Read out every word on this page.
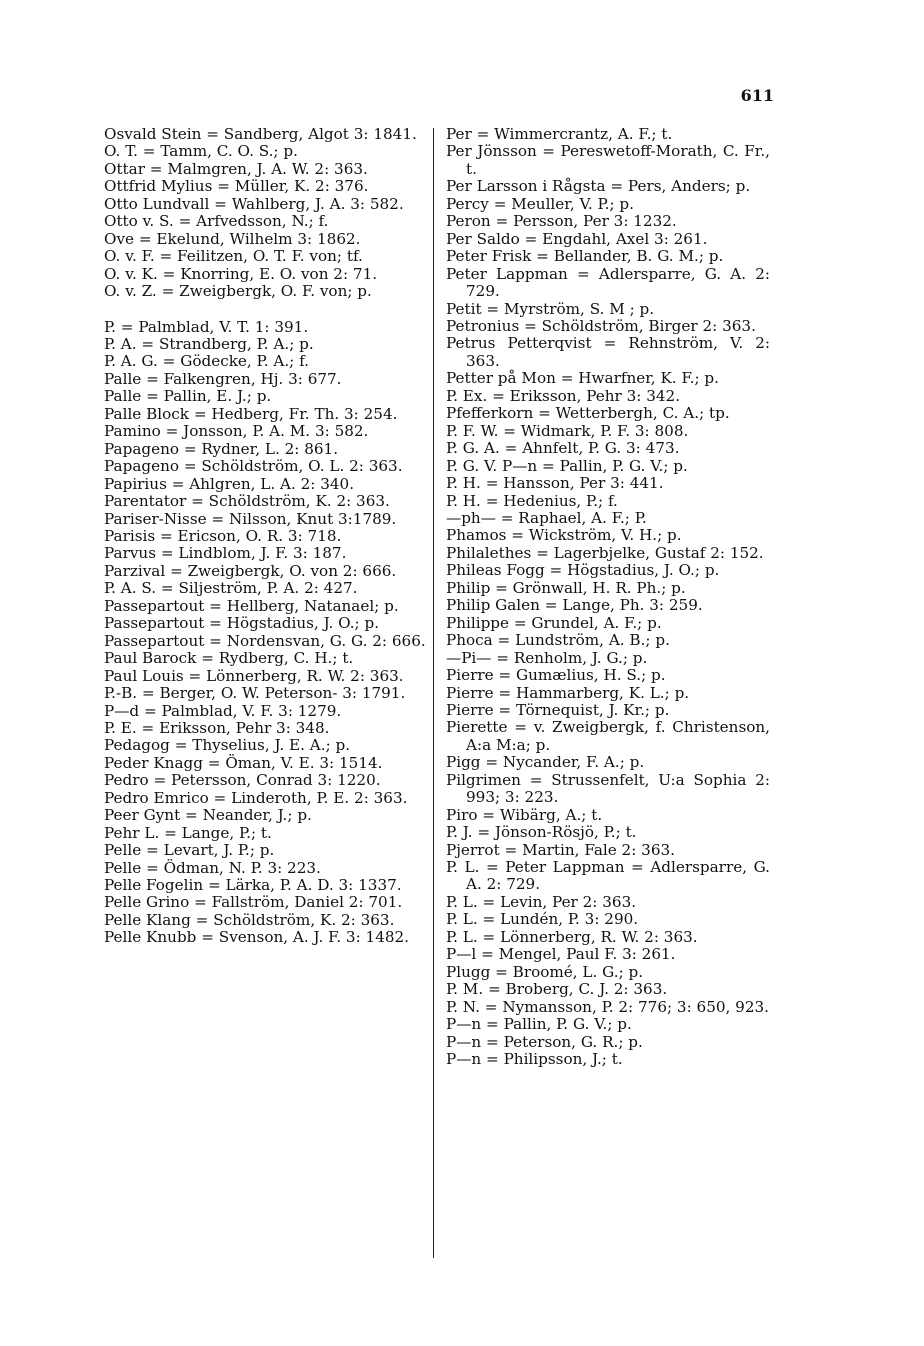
611
Osvald Stein = Sandberg, Algot 3: 1841.
O. T. = Tamm, C. O. S.; p.
Ottar = Malmgren, J. A. W. 2: 363.
Ottfrid Mylius = Müller, K. 2: 376.
Otto Lundvall = Wahlberg, J. A. 3: 582.
Otto v. S. = Arfvedsson, N.; f.
Ove = Ekelund, Wilhelm 3: 1862.
O. v. F. = Feilitzen, O. T. F. von; tf.
O. v. K. = Knorring, E. O. von 2: 71.
O. v. Z. = Zweigbergk, O. F. von; p.
P. = Palmblad, V. T. 1: 391.
P. A. = Strandberg, P. A.; p.
P. A. G. = Gödecke, P. A.; f.
Palle = Falkengren, Hj. 3: 677.
Palle = Pallin, E. J.; p.
Palle Block = Hedberg, Fr. Th. 3: 254.
Pamino = Jonsson, P. A. M. 3: 582.
Papageno = Rydner, L. 2: 861.
Papageno = Schöldström, O. L. 2: 363.
Papirius = Ahlgren, L. A. 2: 340.
Parentator = Schöldström, K. 2: 363.
Pariser-Nisse = Nilsson, Knut 3:1789.
Parisis = Ericson, O. R. 3: 718.
Parvus = Lindblom, J. F. 3: 187.
Parzival = Zweigbergk, O. von 2: 666.
P. A. S. = Siljeström, P. A. 2: 427.
Passepartout = Hellberg, Natanael; p.
Passepartout = Högstadius, J. O.; p.
Passepartout = Nordensvan, G. G. 2: 666.
Paul Barock = Rydberg, C. H.; t.
Paul Louis = Lönnerberg, R. W. 2: 363.
P.-B. = Berger, O. W. Peterson- 3: 1791.
P—d = Palmblad, V. F. 3: 1279.
P. E. = Eriksson, Pehr 3: 348.
Pedagog = Thyselius, J. E. A.; p.
Peder Knagg = Öman, V. E. 3: 1514.
Pedro = Petersson, Conrad 3: 1220.
Pedro Emrico = Linderoth, P. E. 2: 363.
Peer Gynt = Neander, J.; p.
Pehr L. = Lange, P.; t.
Pelle = Levart, J. P.; p.
Pelle = Ödman, N. P. 3: 223.
Pelle Fogelin = Lärka, P. A. D. 3: 1337.
Pelle Grino = Fallström, Daniel 2: 701.
Pelle Klang = Schöldström, K. 2: 363.
Pelle Knubb = Svenson, A. J. F. 3: 1482.
Per = Wimmercrantz, A. F.; t.
Per Jönsson = Pereswetoff-Morath, C. Fr., t.
Per Larsson i Rågsta = Pers, Anders; p.
Percy = Meuller, V. P.; p.
Peron = Persson, Per 3: 1232.
Per Saldo = Engdahl, Axel 3: 261.
Peter Frisk = Bellander, B. G. M.; p.
Peter Lappman = Adlersparre, G. A. 2: 729.
Petit = Myrström, S. M ; p.
Petronius = Schöldström, Birger 2: 363.
Petrus Petterqvist = Rehnström, V. 2: 363.
Petter på Mon = Hwarfner, K. F.; p.
P. Ex. = Eriksson, Pehr 3: 342.
Pfefferkorn = Wetterbergh, C. A.; tp.
P. F. W. = Widmark, P. F. 3: 808.
P. G. A. = Ahnfelt, P. G. 3: 473.
P. G. V. P—n = Pallin, P. G. V.; p.
P. H. = Hansson, Per 3: 441.
P. H. = Hedenius, P.; f.
—ph— = Raphael, A. F.; P.
Phamos = Wickström, V. H.; p.
Philalethes = Lagerbjelke, Gustaf 2: 152.
Phileas Fogg = Högstadius, J. O.; p.
Philip = Grönwall, H. R. Ph.; p.
Philip Galen = Lange, Ph. 3: 259.
Philippe = Grundel, A. F.; p.
Phoca = Lundström, A. B.; p.
—Pi— = Renholm, J. G.; p.
Pierre = Gumælius, H. S.; p.
Pierre = Hammarberg, K. L.; p.
Pierre = Törnequist, J. Kr.; p.
Pierette = v. Zweigbergk, f. Christenson, A:a M:a; p.
Pigg = Nycander, F. A.; p.
Pilgrimen = Strussenfelt, U:a Sophia 2: 993; 3: 223.
Piro = Wibärg, A.; t.
P. J. = Jönson-Rösjö, P.; t.
Pjerrot = Martin, Fale 2: 363.
P. L. = Peter Lappman = Adlersparre, G. A. 2: 729.
P. L. = Levin, Per 2: 363.
P. L. = Lundén, P. 3: 290.
P. L. = Lönnerberg, R. W. 2: 363.
P—l = Mengel, Paul F. 3: 261.
Plugg = Broomé, L. G.; p.
P. M. = Broberg, C. J. 2: 363.
P. N. = Nymansson, P. 2: 776; 3: 650, 923.
P—n = Pallin, P. G. V.; p.
P—n = Peterson, G. R.; p.
P—n = Philipsson, J.; t.
